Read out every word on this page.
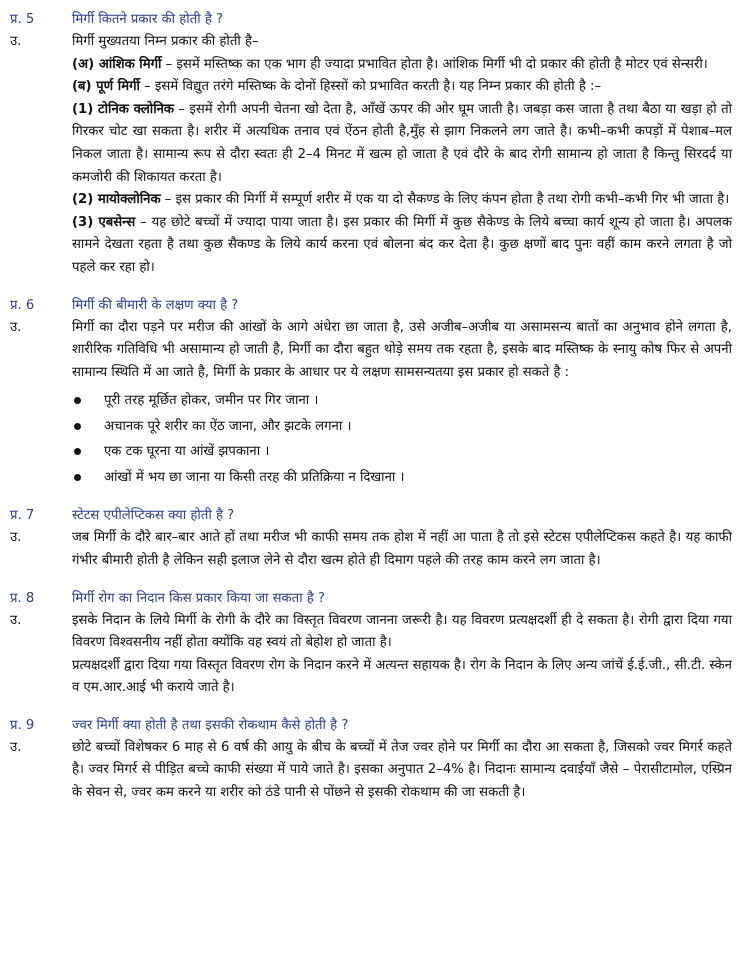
प्र. 5	मिर्गी कितने प्रकार की होती है ?
उ.	मिर्गी मुख्यतया निम्न प्रकार की होती है–

(अ) आंशिक मिर्गी – इसमें मस्तिष्क का एक भाग ही ज्यादा प्रभावित होता है। आंशिक मिर्गी भी दो प्रकार की होती है मोटर एवं सेन्सरी।

(ब) पूर्ण मिर्गी – इसमें विद्युत तरंगे मस्तिष्क के दोनों हिस्सों को प्रभावित करती है। यह निम्न प्रकार की होती है :–

(1) टोनिक क्लोनिक – इसमें रोगी अपनी चेतना खो देता है, आँखें ऊपर की ओर घूम जाती है। जबड़ा कस जाता है तथा बैठा या खड़ा हो तो गिरकर चोट खा सकता है। शरीर में अत्यधिक तनाव एवं ऐंठन होती है,मुँह से झाग निकलने लग जाते है। कभी–कभी कपड़ों में पेशाब–मल निकल जाता है। सामान्य रूप से दौरा स्वतः ही 2–4 मिनट में खत्म हो जाता है एवं दौरे के बाद रोगी सामान्य हो जाता है किन्तु सिरदर्द या कमजोरी की शिकायत करता है।

(2) मायोक्लोनिक – इस प्रकार की मिर्गी में सम्पूर्ण शरीर में एक या दो सैकण्ड के लिए कंपन होता है तथा रोगी कभी–कभी गिर भी जाता है।

(3) एबसेन्स – यह छोटे बच्चों में ज्यादा पाया जाता है। इस प्रकार की मिर्गी में कुछ सैकेण्ड के लिये बच्चा कार्य शून्य हो जाता है। अपलक सामने देखता रहता है तथा कुछ सैकण्ड के लिये कार्य करना एवं बोलना बंद कर देता है। कुछ क्षणों बाद पुनः वहीं काम करने लगता है जो पहले कर रहा हो।

प्र. 6	मिर्गी की बीमारी के लक्षण क्या है ?
उ.	मिर्गी का दौरा पड़ने पर मरीज की आंखों के आगे अंधेरा छा जाता है, उसे अजीब–अजीब या असामसन्य बातों का अनुभाव होने लगता है, शारीरिक गतिविधि भी असामान्य हो जाती है, मिर्गी का दौरा बहुत थोड़े समय तक रहता है, इसके बाद मस्तिष्क के स्नायु कोष फिर से अपनी सामान्य स्थिति में आ जाते है, मिर्गी के प्रकार के आधार पर ये लक्षण सामसन्यतया इस प्रकार हो सकते है :

पूरी तरह मूर्छित होकर, जमीन पर गिर जाना ।
अचानक पूरे शरीर का ऐंठ जाना, और झटके लगना ।
एक टक घूरना या आंखें झपकाना ।
आंखों में भय छा जाना या किसी तरह की प्रतिक्रिया न दिखाना ।
प्र. 7	स्टेटस एपीलेप्टिकस क्या होती है ?
उ.	जब मिर्गी के दौरे बार–बार आते हों तथा मरीज भी काफी समय तक होश में नहीं आ पाता है तो इसे स्टेटस एपीलेप्टिकस कहते है। यह काफी गंभीर बीमारी होती है लेकिन सही इलाज लेने से दौरा खत्म होते ही दिमाग पहले की तरह काम करने लग जाता है।

प्र. 8	मिर्गी रोग का निदान किस प्रकार किया जा सकता है ?
उ.	इसके निदान के लिये मिर्गी के रोगी के दौरे का विस्तृत विवरण जानना जरूरी है। यह विवरण प्रत्यक्षदर्शी ही दे सकता है। रोगी द्वारा दिया गया विवरण विश्वसनीय नहीं होता क्योंकि वह स्वयं तो बेहोश हो जाता है।

प्रत्यक्षदर्शी द्वारा दिया गया विस्तृत विवरण रोग के निदान करने में अत्यन्त सहायक है। रोग के निदान के लिए अन्य जांचें ई.ई.जी., सी.टी. स्केन व एम.आर.आई भी कराये जाते है।

प्र. 9	ज्वर मिर्गी क्या होती है तथा इसकी रोकथाम कैसे होती है ?
उ.	छोटे बच्चों विशेषकर 6 माह से 6 वर्ष की आयु के बीच के बच्चों में तेज ज्वर होने पर मिर्गी का दौरा आ सकता है, जिसको ज्वर मिगर्र कहते है। ज्वर मिगर्र से पीड़ित बच्चे काफी संख्या में पाये जाते है। इसका अनुपात 2–4% है। निदानः सामान्य दवाईयाँ जैसे – पेरासीटामोल, एस्प्रिन के सेवन से, ज्वर कम करने या शरीर को ठंडे पानी से पोंछने से इसकी रोकथाम की जा सकती है।
